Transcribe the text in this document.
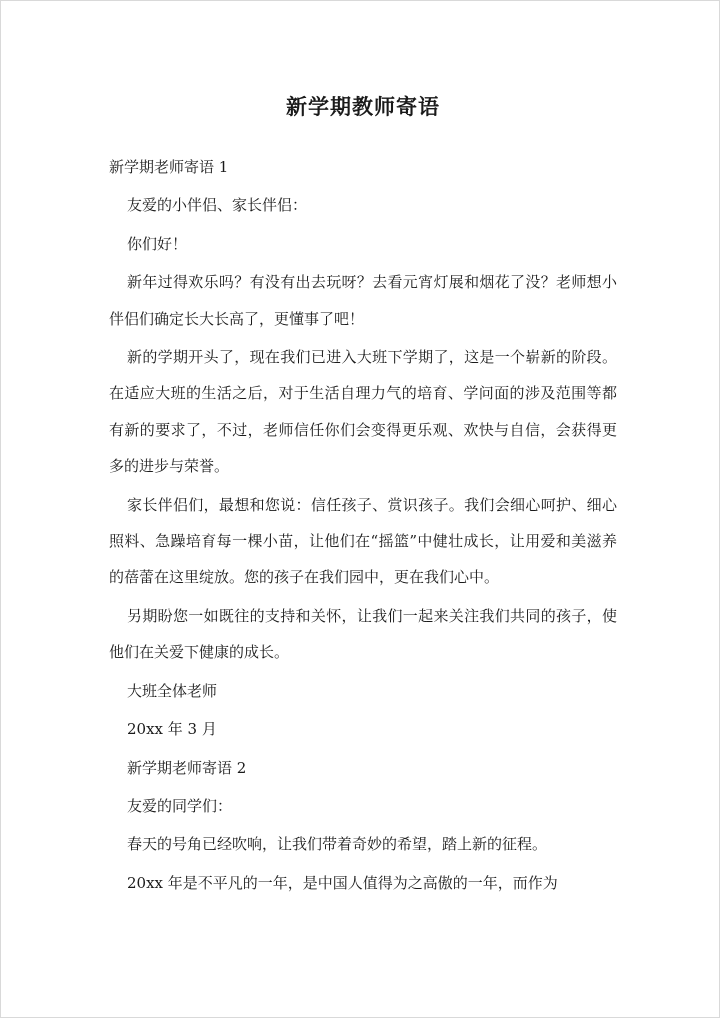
新学期教师寄语
新学期老师寄语 1
友爱的小伴侣、家长伴侣：
你们好！
新年过得欢乐吗？有没有出去玩呀？去看元宵灯展和烟花了没？老师想小伴侣们确定长大长高了，更懂事了吧！
新的学期开头了，现在我们已进入大班下学期了，这是一个崭新的阶段。在适应大班的生活之后，对于生活自理力气的培育、学问面的涉及范围等都有新的要求了，不过，老师信任你们会变得更乐观、欢快与自信，会获得更多的进步与荣誉。
家长伴侣们，最想和您说：信任孩子、赏识孩子。我们会细心呵护、细心照料、急躁培育每一棵小苗，让他们在“摇篮”中健壮成长，让用爱和美滋养的蓓蕾在这里绽放。您的孩子在我们园中，更在我们心中。
另期盼您一如既往的支持和关怀，让我们一起来关注我们共同的孩子，使他们在关爱下健康的成长。
大班全体老师
20xx 年 3 月
新学期老师寄语 2
友爱的同学们：
春天的号角已经吹响，让我们带着奇妙的希望，踏上新的征程。
20xx 年是不平凡的一年，是中国人值得为之高傲的一年，而作为
